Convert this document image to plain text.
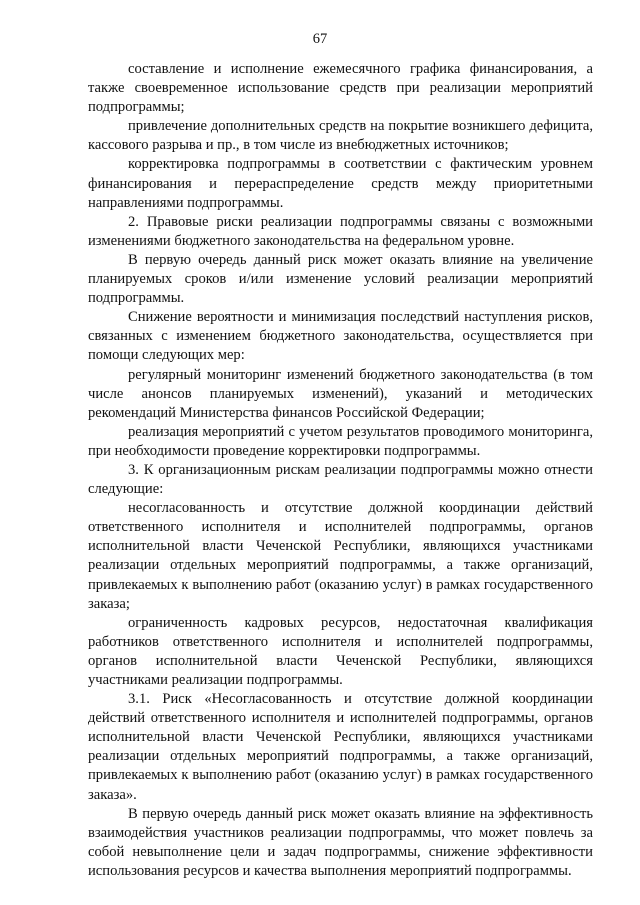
67

составление и исполнение ежемесячного графика финансирования, а также своевременное использование средств при реализации мероприятий подпрограммы;

привлечение дополнительных средств на покрытие возникшего дефицита, кассового разрыва и пр., в том числе из внебюджетных источников;

корректировка подпрограммы в соответствии с фактическим уровнем финансирования и перераспределение средств между приоритетными направлениями подпрограммы.

2. Правовые риски реализации подпрограммы связаны с возможными изменениями бюджетного законодательства на федеральном уровне.

В первую очередь данный риск может оказать влияние на увеличение планируемых сроков и/или изменение условий реализации мероприятий подпрограммы.

Снижение вероятности и минимизация последствий наступления рисков, связанных с изменением бюджетного законодательства, осуществляется при помощи следующих мер:

регулярный мониторинг изменений бюджетного законодательства (в том числе анонсов планируемых изменений), указаний и методических рекомендаций Министерства финансов Российской Федерации;

реализация мероприятий с учетом результатов проводимого мониторинга, при необходимости проведение корректировки подпрограммы.

3. К организационным рискам реализации подпрограммы можно отнести следующие:

несогласованность и отсутствие должной координации действий ответственного исполнителя и исполнителей подпрограммы, органов исполнительной власти Чеченской Республики, являющихся участниками реализации отдельных мероприятий подпрограммы, а также организаций, привлекаемых к выполнению работ (оказанию услуг) в рамках государственного заказа;

ограниченность кадровых ресурсов, недостаточная квалификация работников ответственного исполнителя и исполнителей подпрограммы, органов исполнительной власти Чеченской Республики, являющихся участниками реализации подпрограммы.

3.1. Риск «Несогласованность и отсутствие должной координации действий ответственного исполнителя и исполнителей подпрограммы, органов исполнительной власти Чеченской Республики, являющихся участниками реализации отдельных мероприятий подпрограммы, а также организаций, привлекаемых к выполнению работ (оказанию услуг) в рамках государственного заказа».

В первую очередь данный риск может оказать влияние на эффективность взаимодействия участников реализации подпрограммы, что может повлечь за собой невыполнение цели и задач подпрограммы, снижение эффективности использования ресурсов и качества выполнения мероприятий подпрограммы.
